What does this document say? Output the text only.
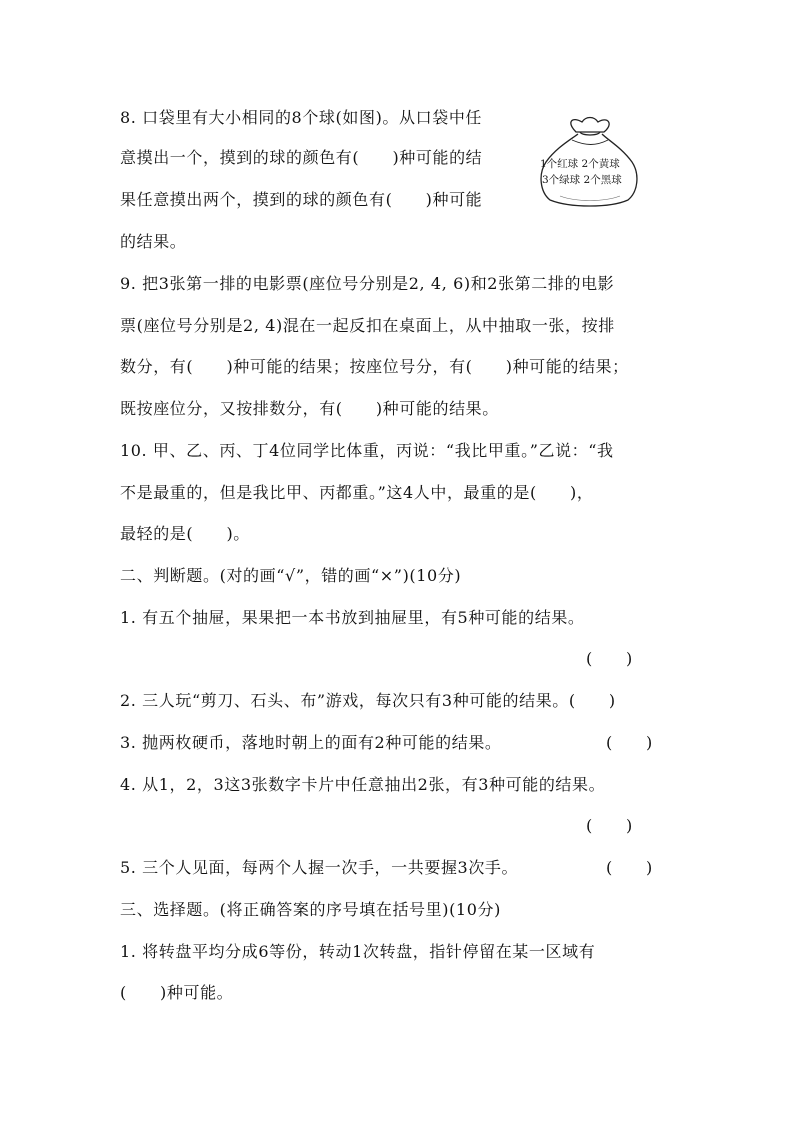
8. 口袋里有大小相同的8个球(如图)。从口袋中任
意摸出一个，摸到的球的颜色有(　　)种可能的结
果任意摸出两个，摸到的球的颜色有(　　)种可能
的结果。
1个红球 2个黄球
3个绿球 2个黑球
9. 把3张第一排的电影票(座位号分别是2, 4, 6)和2张第二排的电影
票(座位号分别是2, 4)混在一起反扣在桌面上，从中抽取一张，按排
数分，有(　　)种可能的结果；按座位号分，有(　　)种可能的结果；
既按座位分，又按排数分，有(　　)种可能的结果。
10. 甲、乙、丙、丁4位同学比体重，丙说：“我比甲重。”乙说：“我
不是最重的，但是我比甲、丙都重。”这4人中，最重的是(　　)，
最轻的是(　　)。
二、判断题。(对的画“√”，错的画“×”)(10分)
1. 有五个抽屉，果果把一本书放到抽屉里，有5种可能的结果。
(　　)
2. 三人玩“剪刀、石头、布”游戏，每次只有3种可能的结果。(　　)
3. 抛两枚硬币，落地时朝上的面有2种可能的结果。	(　　)
4. 从1，2，3这3张数字卡片中任意抽出2张，有3种可能的结果。
(　　)
5. 三个人见面，每两个人握一次手，一共要握3次手。	(　　)
三、选择题。(将正确答案的序号填在括号里)(10分)
1. 将转盘平均分成6等份，转动1次转盘，指针停留在某一区域有
(　　)种可能。
